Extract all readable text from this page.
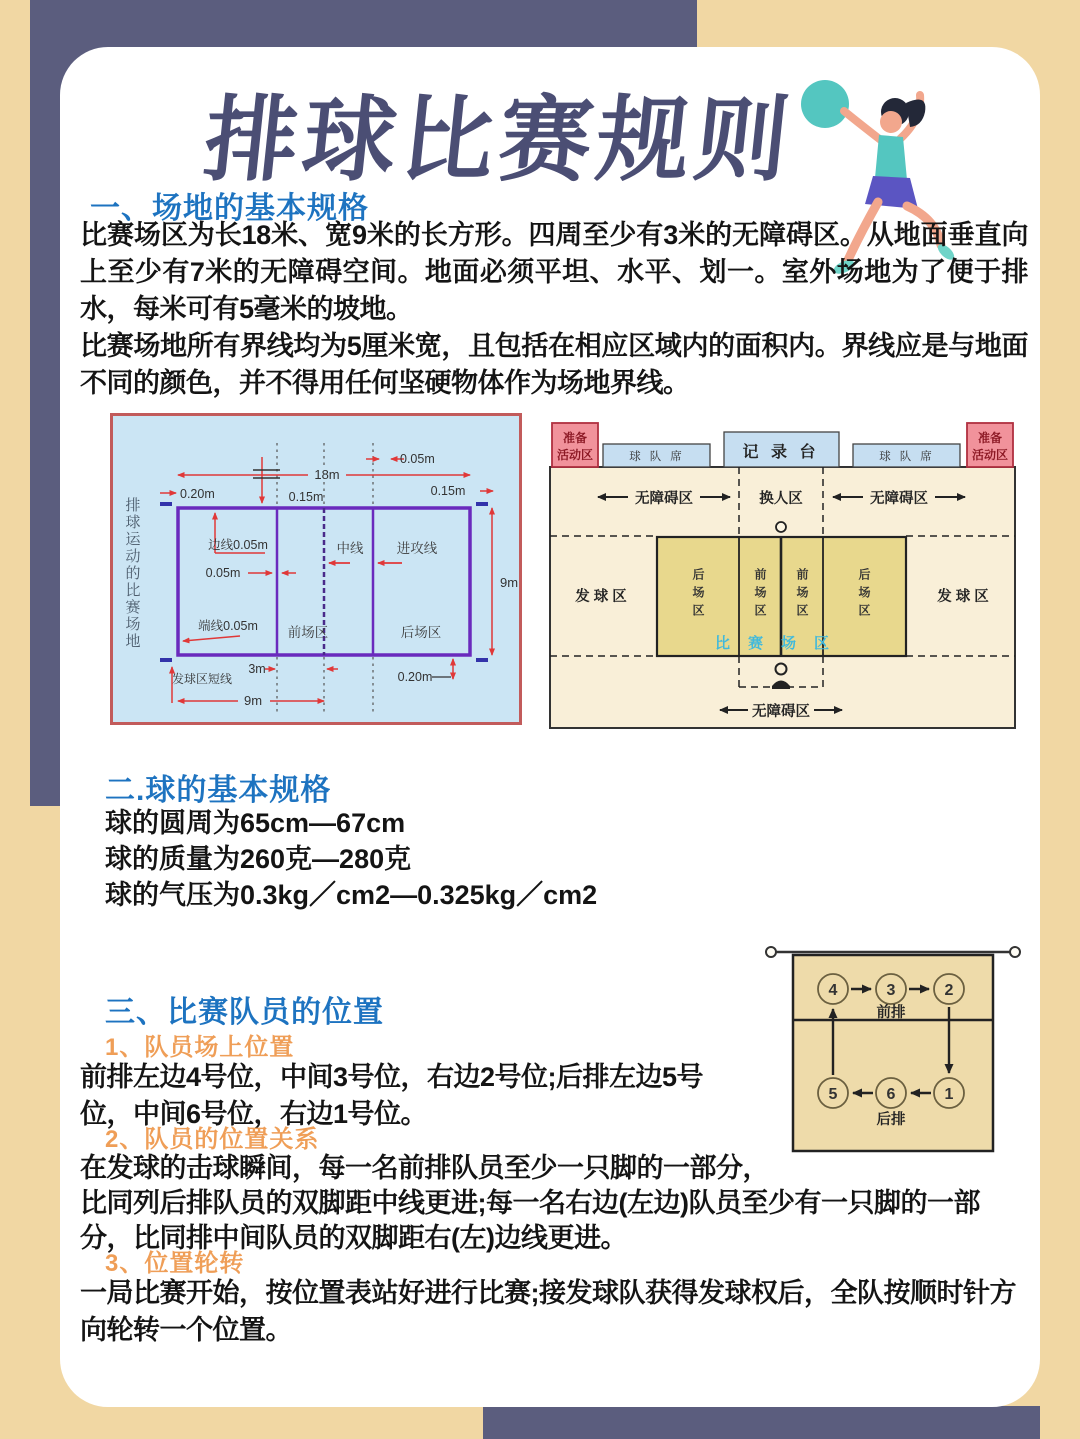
排球比赛规则
一、场地的基本规格

比赛场区为长18米、宽9米的长方形。四周至少有3米的无障碍区。从地面垂直向上至少有7米的无障碍空间。地面必须平坦、水平、划一。室外场地为了便于排水，每米可有5毫米的坡地。

比赛场地所有界线均为5厘米宽，且包括在相应区域内的面积内。界线应是与地面不同的颜色，并不得用任何坚硬物体作为场地界线。

排球运动的比赛场地
0.05m
18m
0.20m	0.15m	0.15m
9m
边线0.05m
0.05m
中线 进攻线
端线0.05m 前场区	后场区
发球区短线
3m
9m
0.20m
准备
活动区
准备
活动区
球队席	记 录 台	球队席
无障碍区	换人区	无障碍区
后场区	前场区 前场区	后场区
比赛场区
发 球 区	发 球 区
无障碍区
二.球的基本规格
球的圆周为65cm—67cm
球的质量为260克—280克
球的气压为0.3kg／cm2—0.325kg／cm2
4	3	2
5	6	1
前排
后排
三、比赛队员的位置
1、队员场上位置
前排左边4号位，中间3号位，右边2号位;后排左边5号位，中间6号位，右边1号位。
2、队员的位置关系
在发球的击球瞬间，每一名前排队员至少一只脚的一部分，
比同列后排队员的双脚距中线更进;每一名右边(左边)队员至少有一只脚的一部分，比同排中间队员的双脚距右(左)边线更进。
3、位置轮转
一局比赛开始，按位置表站好进行比赛;接发球队获得发球权后，全队按顺时针方向轮转一个位置。
